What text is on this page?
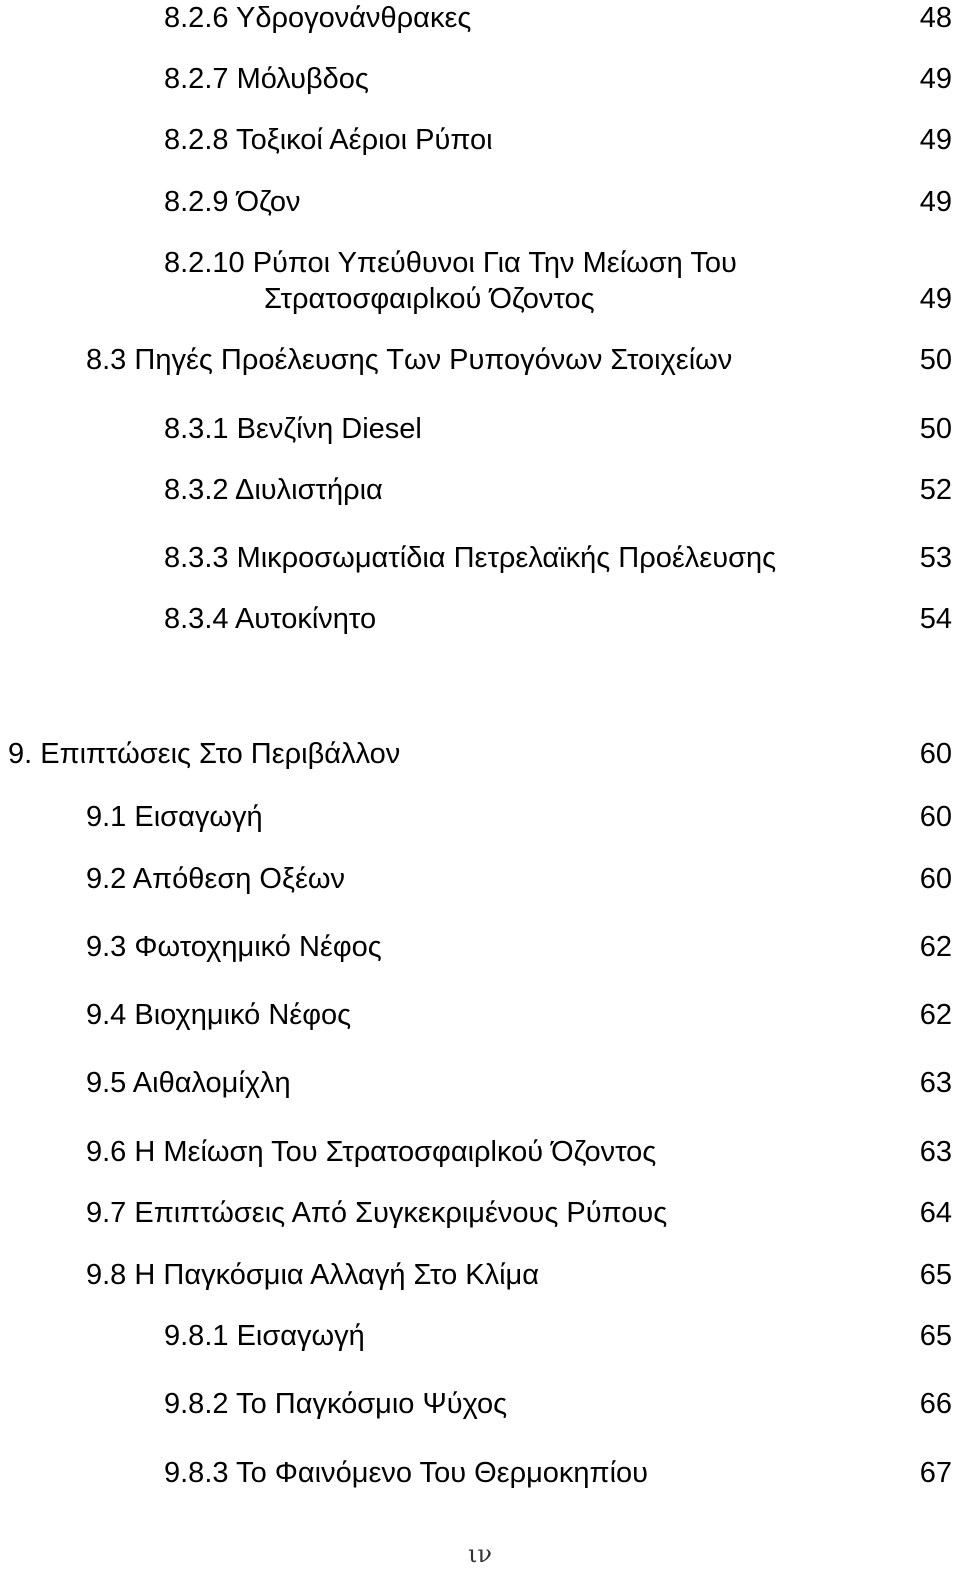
8.2.6 Υδρογονάνθρακες	48
8.2.7 Μόλυβδος	49
8.2.8 Τοξικοί Αέριοι Ρύποι	49
8.2.9 Όζον	49
8.2.10 Ρύποι Υπεύθυνοι Για Την Μείωση Του
Στρατοσφαιρlκού Όζοντος	49
8.3 Πηγές Προέλευσης Των Ρυπογόνων Στοιχείων	50
8.3.1 Βενζίνη Diesel	50
8.3.2 Διυλιστήρια	52
8.3.3 Μικροσωματίδια Πετρελαϊκής Προέλευσης	53
8.3.4 Αυτοκίνητο	54
9. Επιπτώσεις Στο Περιβάλλον	60
9.1 Εισαγωγή	60
9.2 Απόθεση Οξέων	60
9.3 Φωτοχημικό Νέφος	62
9.4 Βιοχημικό Νέφος	62
9.5 Αιθαλομίχλη	63
9.6 Η Μείωση Του Στρατοσφαιρlκού Όζοντος	63
9.7 Επιπτώσεις Από Συγκεκριμένους Ρύπους	64
9.8 Η Παγκόσμια Αλλαγή Στο Κλίμα	65
9.8.1 Εισαγωγή	65
9.8.2 Το Παγκόσμιο Ψύχος	66
9.8.3 Το Φαινόμενο Του Θερμοκηπίου	67
ιν
